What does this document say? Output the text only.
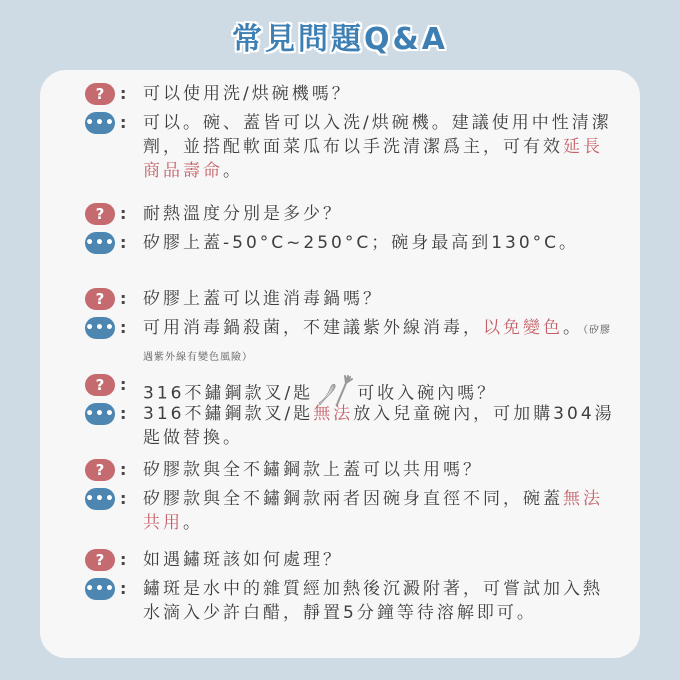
常見問題Q&A
? : 可以使用洗/烘碗機嗎？
••• : 可以。碗、蓋皆可以入洗/烘碗機。建議使用中性清潔劑，並搭配軟面菜瓜布以手洗清潔爲主，可有效延長商品壽命。
? : 耐熱溫度分別是多少？
••• : 矽膠上蓋-50°C~250°C；碗身最高到130°C。
? : 矽膠上蓋可以進消毒鍋嗎？
••• : 可用消毒鍋殺菌，不建議紫外線消毒，以免變色。（矽膠遇紫外線有變色風險）
? : 316不鏽鋼款叉/匙	可收入碗內嗎？
••• : 316不鏽鋼款叉/匙無法放入兒童碗內，可加購304湯匙做替換。
? : 矽膠款與全不鏽鋼款上蓋可以共用嗎？
••• : 矽膠款與全不鏽鋼款兩者因碗身直徑不同，碗蓋無法共用。
? : 如遇鏽斑該如何處理？
••• : 鏽斑是水中的雜質經加熱後沉澱附著，可嘗試加入熱水滴入少許白醋，靜置5分鐘等待溶解即可。
